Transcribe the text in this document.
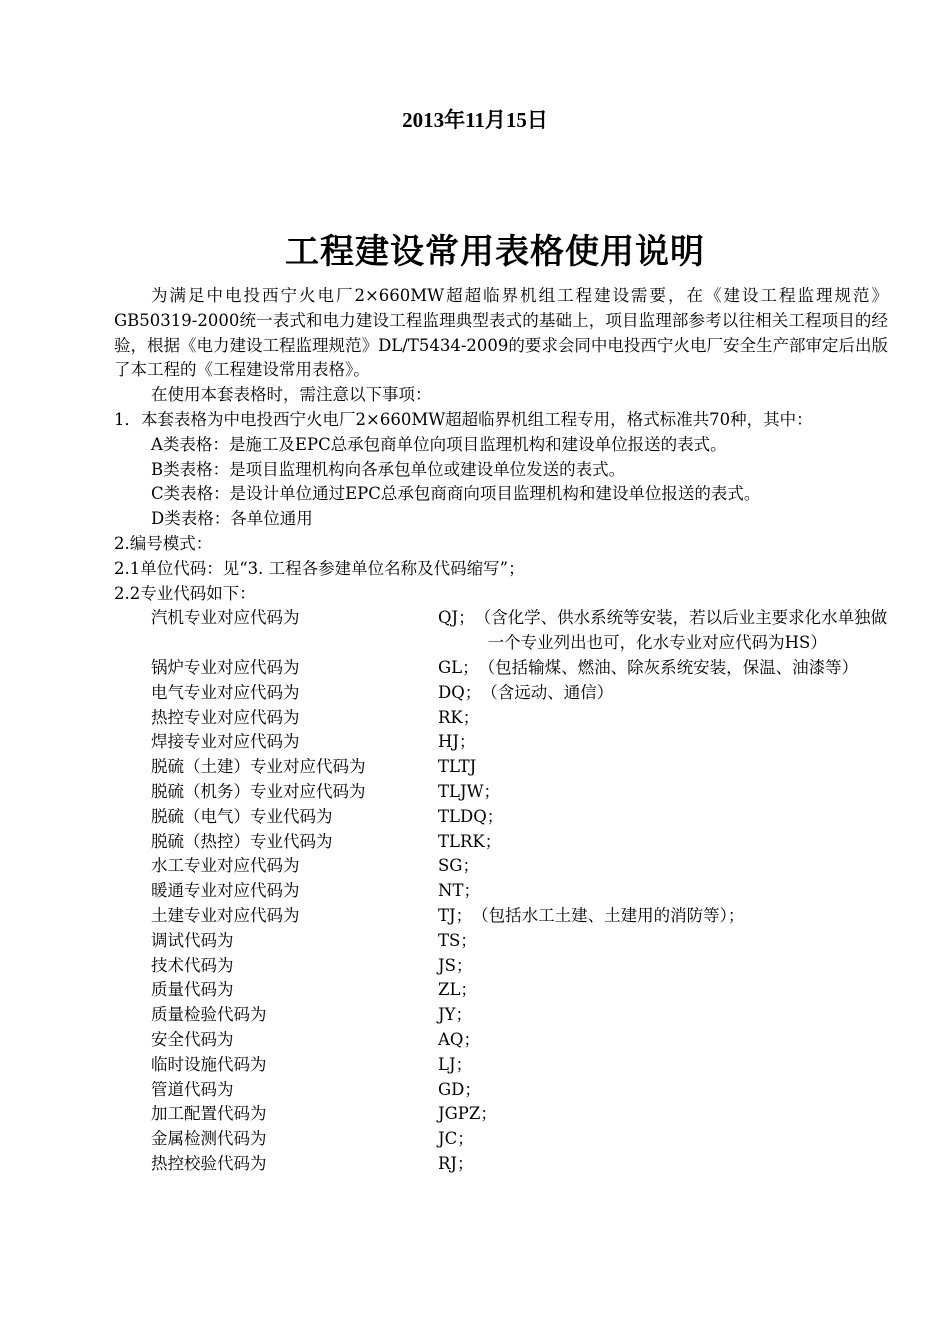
2013年11月15日
工程建设常用表格使用说明

为满足中电投西宁火电厂2×660MW超超临界机组工程建设需要，在《建设工程监理规范》GB50319-2000统一表式和电力建设工程监理典型表式的基础上，项目监理部参考以往相关工程项目的经验，根据《电力建设工程监理规范》DL/T5434-2009的要求会同中电投西宁火电厂安全生产部审定后出版了本工程的《工程建设常用表格》。

在使用本套表格时，需注意以下事项：

1．本套表格为中电投西宁火电厂2×660MW超超临界机组工程专用，格式标准共70种，其中：

A类表格：是施工及EPC总承包商单位向项目监理机构和建设单位报送的表式。
B类表格：是项目监理机构向各承包单位或建设单位发送的表式。
C类表格：是设计单位通过EPC总承包商商向项目监理机构和建设单位报送的表式。
D类表格：各单位通用
2.编号模式：
2.1单位代码：见“3. 工程各参建单位名称及代码缩写”；
2.2专业代码如下：
汽机专业对应代码为	QJ； （含化学、供水系统等安装，若以后业主要求化水单独做一个专业列出也可，化水专业对应代码为HS）
锅炉专业对应代码为	GL； （包括输煤、燃油、除灰系统安装，保温、油漆等）
电气专业对应代码为	DQ； （含远动、通信）
热控专业对应代码为	RK；
焊接专业对应代码为	HJ；
脱硫（土建）专业对应代码为	TLTJ
脱硫（机务）专业对应代码为	TLJW；
脱硫（电气）专业代码为	TLDQ；
脱硫（热控）专业代码为	TLRK；
水工专业对应代码为	SG；
暖通专业对应代码为	NT；
土建专业对应代码为	TJ； （包括水工土建、土建用的消防等）；
调试代码为	TS；
技术代码为	JS；
质量代码为	ZL；
质量检验代码为	JY；
安全代码为	AQ；
临时设施代码为	LJ；
管道代码为	GD；
加工配置代码为	JGPZ；
金属检测代码为	JC；
热控校验代码为	RJ；
